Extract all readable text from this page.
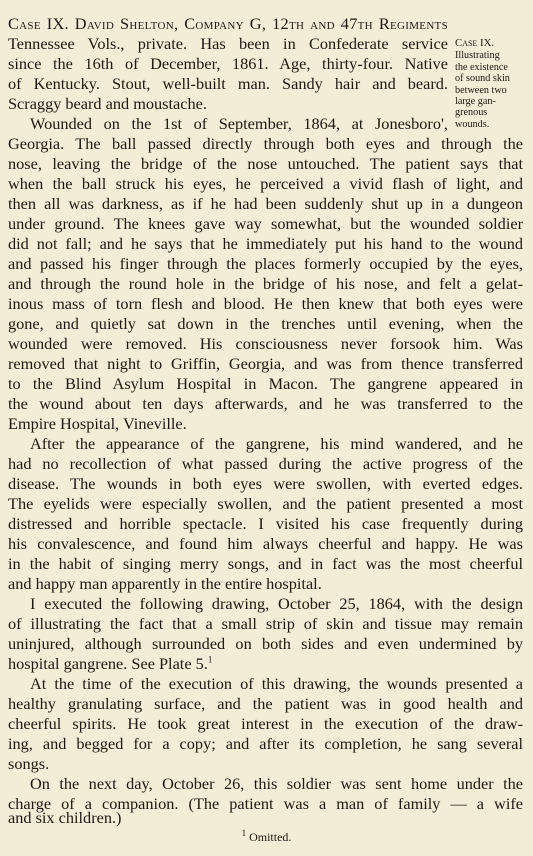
Case IX. David Shelton, Company G, 12th and 47th Regiments
Tennessee Vols., private. Has been in Confederate service
since the 16th of December, 1861. Age, thirty-four. Native
of Kentucky. Stout, well-built man. Sandy hair and beard.
Scraggy beard and moustache.
Wounded on the 1st of September, 1864, at Jonesboro',
Case IX.
Illustrating
the existence
of sound skin
between two
large gan-
grenous
wounds.
Georgia. The ball passed directly through both eyes and through the
nose, leaving the bridge of the nose untouched. The patient says that
when the ball struck his eyes, he perceived a vivid flash of light, and
then all was darkness, as if he had been suddenly shut up in a dungeon
under ground. The knees gave way somewhat, but the wounded soldier
did not fall; and he says that he immediately put his hand to the wound
and passed his finger through the places formerly occupied by the eyes,
and through the round hole in the bridge of his nose, and felt a gelat-
inous mass of torn flesh and blood. He then knew that both eyes were
gone, and quietly sat down in the trenches until evening, when the
wounded were removed. His consciousness never forsook him. Was
removed that night to Griffin, Georgia, and was from thence transferred
to the Blind Asylum Hospital in Macon. The gangrene appeared in
the wound about ten days afterwards, and he was transferred to the
Empire Hospital, Vineville.
After the appearance of the gangrene, his mind wandered, and he
had no recollection of what passed during the active progress of the
disease. The wounds in both eyes were swollen, with everted edges.
The eyelids were especially swollen, and the patient presented a most
distressed and horrible spectacle. I visited his case frequently during
his convalescence, and found him always cheerful and happy. He was
in the habit of singing merry songs, and in fact was the most cheerful
and happy man apparently in the entire hospital.
I executed the following drawing, October 25, 1864, with the design
of illustrating the fact that a small strip of skin and tissue may remain
uninjured, although surrounded on both sides and even undermined by
hospital gangrene. See Plate 5.$^1$
At the time of the execution of this drawing, the wounds presented a
healthy granulating surface, and the patient was in good health and
cheerful spirits. He took great interest in the execution of the draw-
ing, and begged for a copy; and after its completion, he sang several
songs.
On the next day, October 26, this soldier was sent home under the
charge of a companion. (The patient was a man of family — a wife
and six children.)
$^1$ Omitted.
